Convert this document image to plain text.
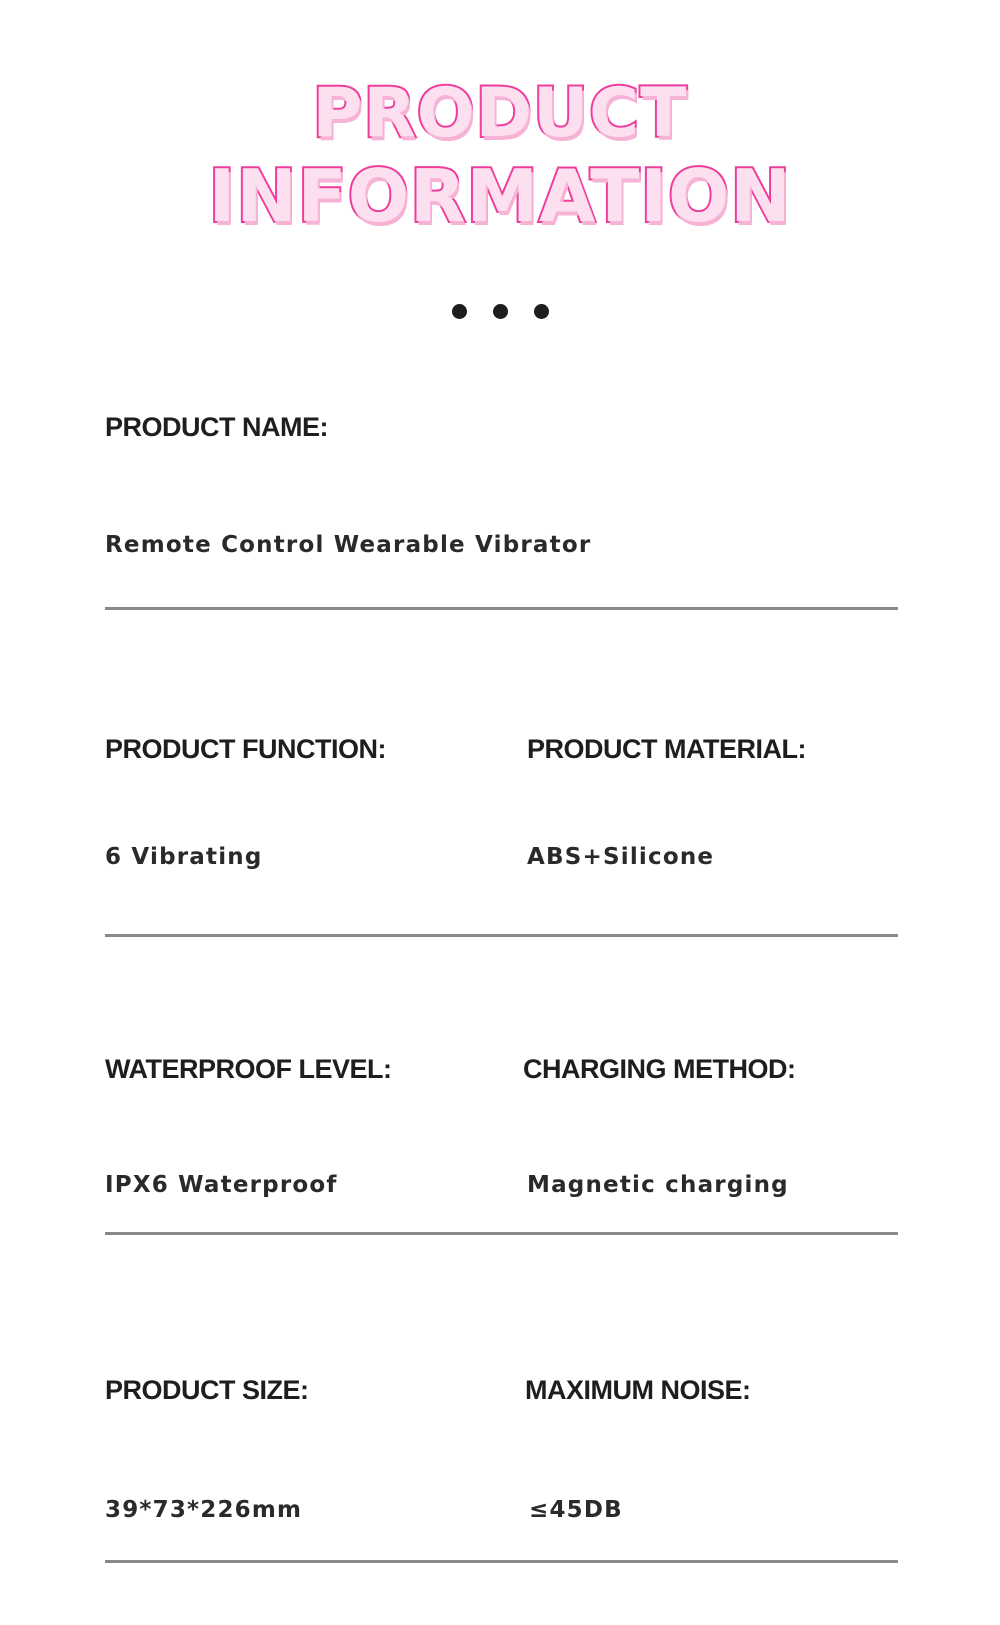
PRODUCT
INFORMATION
PRODUCT NAME:
Remote Control Wearable Vibrator
PRODUCT FUNCTION:	PRODUCT MATERIAL:
6 Vibrating	ABS+Silicone
WATERPROOF LEVEL:	CHARGING METHOD:
IPX6 Waterproof	Magnetic charging
PRODUCT SIZE:	MAXIMUM NOISE:
39*73*226mm	≤45DB
